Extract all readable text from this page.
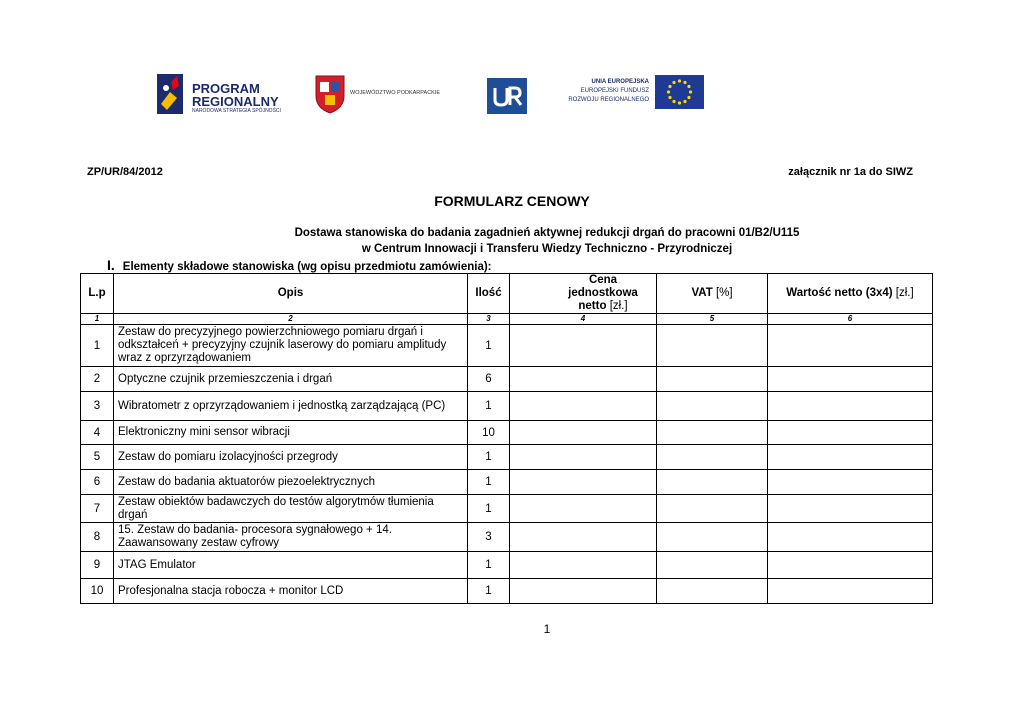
PROGRAM
REGIONALNY
NARODOWA STRATEGIA SPÓJNOŚCI
WOJEWÓDZTWO PODKARPACKIE
UNIA EUROPEJSKA
EUROPEJSKI FUNDUSZ
ROZWOJU REGIONALNEGO
ZP/UR/84/2012	załącznik nr 1a do SIWZ
FORMULARZ CENOWY
Dostawa stanowiska do badania zagadnień aktywnej redukcji drgań do pracowni 01/B2/U115
w Centrum Innowacji i Transferu Wiedzy Techniczno - Przyrodniczej
I. Elementy składowe stanowiska (wg opisu przedmiotu zamówienia):
L.p	Opis	Ilość	Cena jednostkowa netto [zł.]	VAT [%]	Wartość netto (3x4) [zł.]
1	2	3	4	5	6
1	Zestaw do precyzyjnego powierzchniowego pomiaru drgań i odkształceń + precyzyjny czujnik laserowy do pomiaru amplitudy wraz z oprzyrządowaniem	1			
2	Optyczne czujnik przemieszczenia i drgań	6			
3	Wibratometr z oprzyrządowaniem i jednostką zarządzającą (PC)	1			
4	Elektroniczny mini sensor wibracji	10			
5	Zestaw do pomiaru izolacyjności przegrody	1			
6	Zestaw do badania aktuatorów piezoelektrycznych	1			
7	Zestaw obiektów badawczych do testów algorytmów tłumienia drgań	1			
8	15. Zestaw do badania- procesora sygnałowego + 14. Zaawansowany zestaw cyfrowy	3			
9	JTAG Emulator	1			
10	Profesjonalna stacja robocza + monitor LCD	1			
1
